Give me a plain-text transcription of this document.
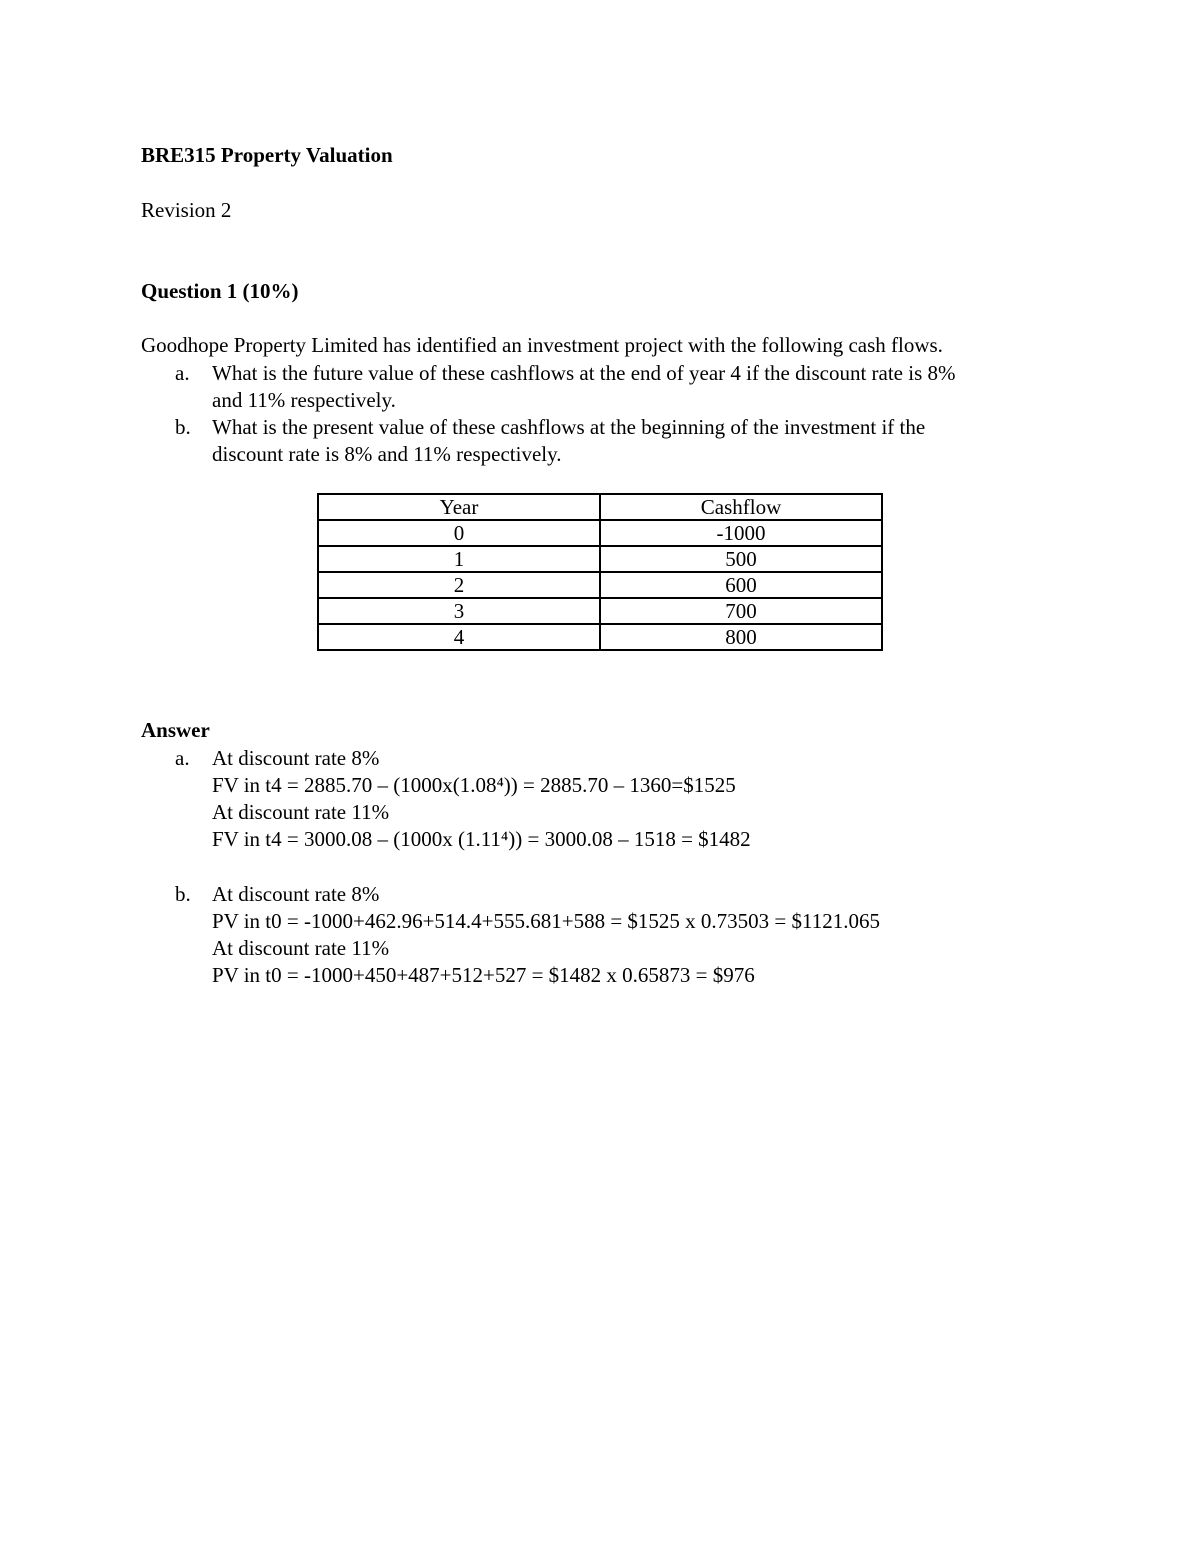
BRE315 Property Valuation
Revision 2
Question 1 (10%)
Goodhope Property Limited has identified an investment project with the following cash flows.
a.	What is the future value of these cashflows at the end of year 4 if the discount rate is 8%
and 11% respectively.
b.	What is the present value of these cashflows at the beginning of the investment if the
discount rate is 8% and 11% respectively.
Year	Cashflow
0	-1000
1	500
2	600
3	700
4	800
Answer
a.	At discount rate 8%
FV in t4 = 2885.70 – (1000x(1.08⁴)) = 2885.70 – 1360=$1525
At discount rate 11%
FV in t4 = 3000.08 – (1000x (1.11⁴)) = 3000.08 – 1518 = $1482
b.	At discount rate 8%
PV in t0 = -1000+462.96+514.4+555.681+588 = $1525 x 0.73503 = $1121.065
At discount rate 11%
PV in t0 = -1000+450+487+512+527 = $1482 x 0.65873 = $976
